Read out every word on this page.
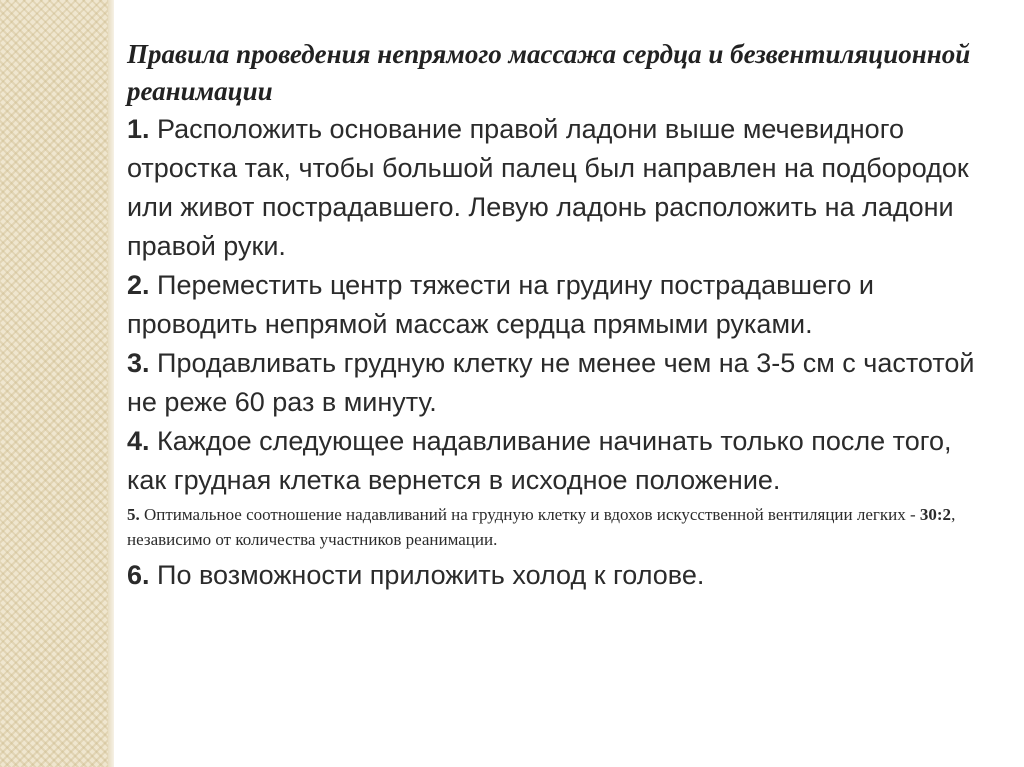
Правила проведения непрямого массажа сердца и безвентиляционной реанимации

1. Расположить основание правой ладони выше мечевидного отростка так, чтобы большой палец был направлен на подбородок или живот пострадавшего. Левую ладонь расположить на ладони правой руки.

2. Переместить центр тяжести на грудину пострадавшего и проводить непрямой массаж сердца прямыми руками.

3. Продавливать грудную клетку не менее чем на 3-5 см с частотой не реже 60 раз в минуту.

4. Каждое следующее надавливание начинать только после того, как грудная клетка вернется в исходное положение.

5. Оптимальное соотношение надавливаний на грудную клетку и вдохов искусственной вентиляции легких - 30:2, независимо от количества участников реанимации.

6. По возможности приложить холод к голове.
